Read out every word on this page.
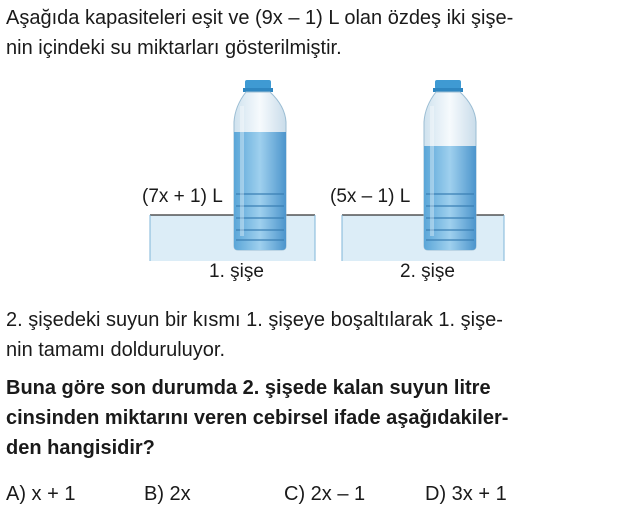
Aşağıda kapasiteleri eşit ve (9x – 1) L olan özdeş iki şişe-
nin içindeki su miktarları gösterilmiştir.
(7x + 1) L	(5x – 1) L
1. şişe	2. şişe
2. şişedeki suyun bir kısmı 1. şişeye boşaltılarak 1. şişe-
nin tamamı dolduruluyor.
Buna göre son durumda 2. şişede kalan suyun litre
cinsinden miktarını veren cebirsel ifade aşağıdakiler-
den hangisidir?
A) x + 1	B) 2x	C) 2x – 1	D) 3x + 1
